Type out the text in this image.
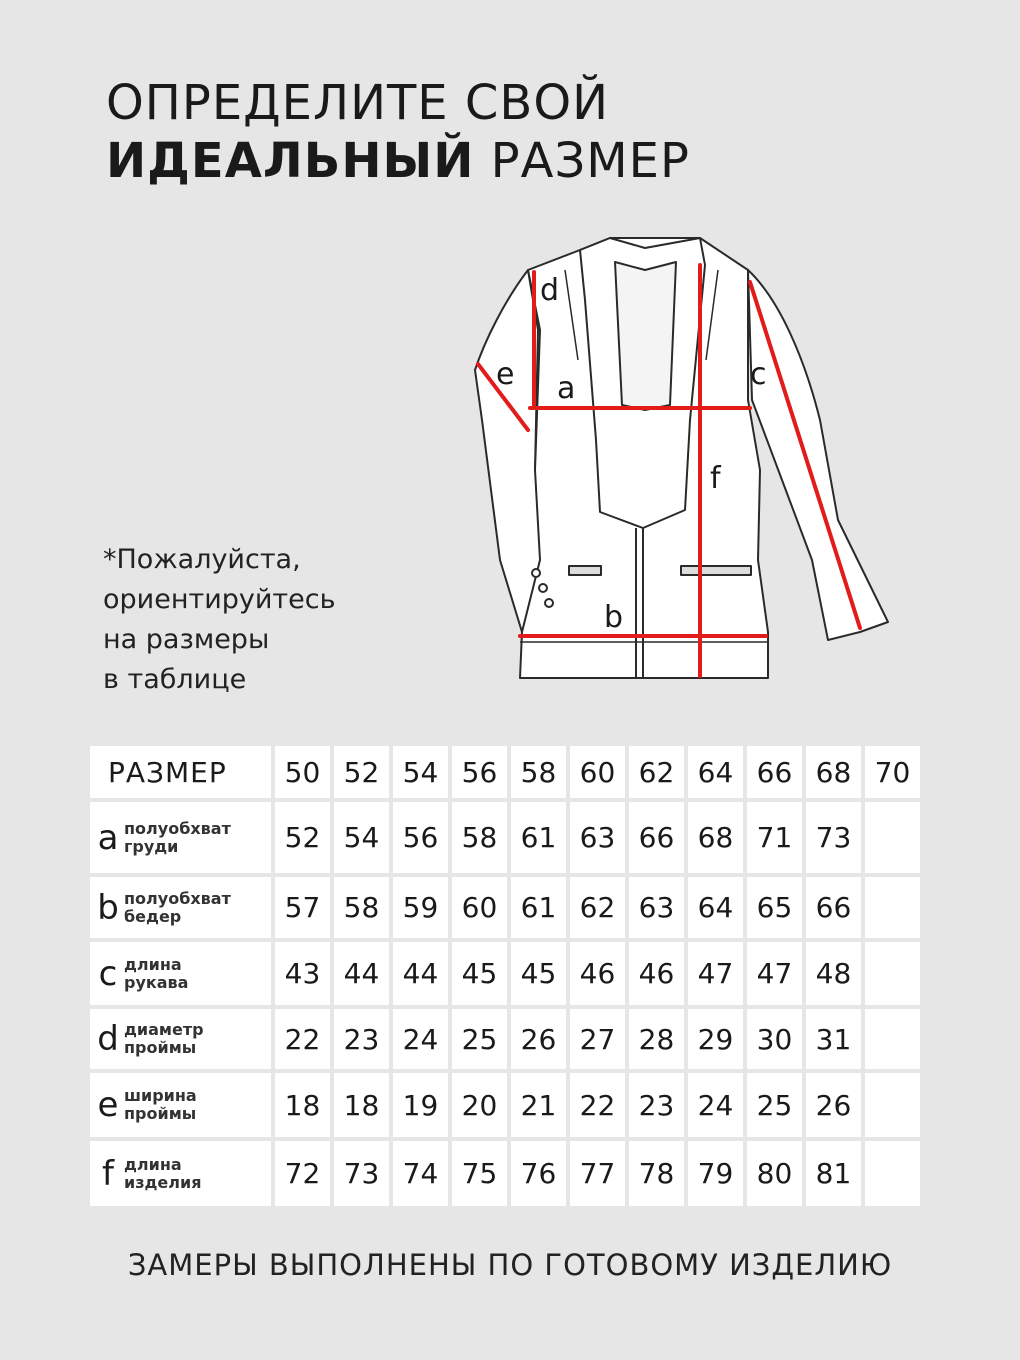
ОПРЕДЕЛИТЕ СВОЙ
ИДЕАЛЬНЫЙ РАЗМЕР
*Пожалуйста,
ориентируйтесь
на размеры
в таблице
a
b
c
d
e
f
РАЗМЕР	50	52	54	56	58	60	62	64	66	68	70
a полуобхват
груди	52	54	56	58	61	63	66	68	71	73	
b полуобхват
бедер	57	58	59	60	61	62	63	64	65	66	
c длина
рукава	43	44	44	45	45	46	46	47	47	48	
d диаметр
проймы	22	23	24	25	26	27	28	29	30	31	
e ширина
проймы	18	18	19	20	21	22	23	24	25	26	
f длина
изделия	72	73	74	75	76	77	78	79	80	81	
ЗАМЕРЫ ВЫПОЛНЕНЫ ПО ГОТОВОМУ ИЗДЕЛИЮ
